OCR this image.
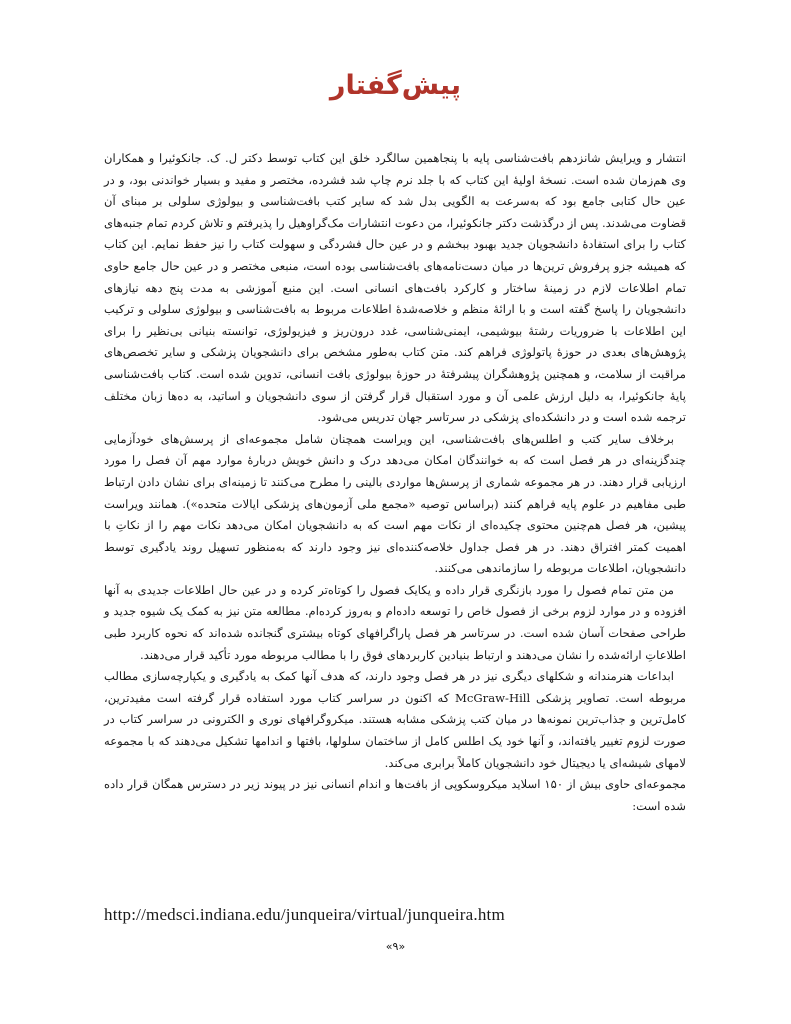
پیش‌گفتار

انتشار و ویرایش شانزدهم بافت‌شناسی پایه با پنجاهمین سالگرد خلق این کتاب توسط دکتر ل. ک. جانکوئیرا و همکاران وی هم‌زمان شده است. نسخهٔ اولیهٔ این کتاب که با جلد نرم چاپ شد فشرده، مختصر و مفید و بسیار خواندنی بود، و در عین حال کتابی جامع بود که به‌سرعت به الگویی بدل شد که سایر کتب بافت‌شناسی و بیولوژی سلولی بر مبنای آن قضاوت می‌شدند. پس از درگذشت دکتر جانکوئیرا، من دعوت انتشارات مک‌گراوهیل را پذیرفتم و تلاش کردم تمام جنبه‌های کتاب را برای استفادهٔ دانشجویان جدید بهبود ببخشم و در عین حال فشردگی و سهولت کتاب را نیز حفظ نمایم. این کتاب که همیشه جزو پرفروش ترین‌ها در میان دست‌نامه‌های بافت‌شناسی بوده است، منبعی مختصر و در عین حال جامع حاوی تمام اطلاعات لازم در زمینهٔ ساختار و کارکرد بافت‌های انسانی است. این منبع آموزشی به مدت پنج دهه نیازهای دانشجویان را پاسخ گفته است و با ارائهٔ منظم و خلاصه‌شدهٔ اطلاعات مربوط به بافت‌شناسی و بیولوژی سلولی و ترکیب این اطلاعات با ضروریات رشتهٔ بیوشیمی، ایمنی‌شناسی، غدد درون‌ریز و فیزیولوژی، توانسته بنیانی بی‌نظیر را برای پژوهش‌های بعدی در حوزهٔ پاتولوژی فراهم کند. متن کتاب به‌طور مشخص برای دانشجویان پزشکی و سایر تخصص‌های مراقبت از سلامت، و همچنین پژوهشگران پیشرفتهٔ در حوزهٔ بیولوژی بافت انسانی، تدوین شده است. کتاب بافت‌شناسی پایهٔ جانکوئیرا، به دلیل ارزش علمی آن و مورد استقبال قرار گرفتن از سوی دانشجویان و اساتید، به ده‌ها زبان مختلف ترجمه شده است و در دانشکده‌ای پزشکی در سرتاسر جهان تدریس می‌شود.

برخلاف سایر کتب و اطلس‌های بافت‌شناسی، این ویراست همچنان شامل مجموعه‌ای از پرسش‌های خودآزمایی چندگزینه‌ای در هر فصل است که به خوانندگان امکان می‌دهد درک و دانش خویش دربارهٔ موارد مهم آن فصل را مورد ارزیابی قرار دهند. در هر مجموعه شماری از پرسش‌ها مواردی بالینی را مطرح می‌کنند تا زمینه‌ای برای نشان دادن ارتباط طبی مفاهیم در علوم پایه فراهم کنند (براساس توصیه «مجمع ملی آزمون‌های پزشکی ایالات متحده»). همانند ویراست پیشین، هر فصل هم‌چنین محتوی چکیده‌ای از نکات مهم است که به دانشجویان امکان می‌دهد نکات مهم را از نکاتِ با اهمیت کمتر افتراق دهند. در هر فصل جداول خلاصه‌کننده‌ای نیز وجود دارند که به‌منظور تسهیل روند یادگیری توسط دانشجویان، اطلاعات مربوطه را سازماندهی می‌کنند.

من متن تمام فصول را مورد بازنگری قرار داده و یکایک فصول را کوتاه‌تر کرده و در عین حال اطلاعات جدیدی به آنها افزوده و در موارد لزوم برخی از فصول خاص را توسعه داده‌ام و به‌روز کرده‌ام. مطالعه متن نیز به کمک یک شیوه جدید و طراحی صفحات آسان شده است. در سرتاسر هر فصل پاراگرافهای کوتاه بیشتری گنجانده شده‌اند که نحوه کاربرد طبی اطلاعاتِ ارائه‌شده را نشان می‌دهند و ارتباط بنیادین کاربردهای فوق را با مطالب مربوطه مورد تأکید قرار می‌دهند.

ابداعات هنرمندانه و شکلهای دیگری نیز در هر فصل وجود دارند، که هدف آنها کمک به یادگیری و یکپارچه‌سازی مطالب مربوطه است. تصاویر پزشکی McGraw-Hill که اکنون در سراسر کتاب مورد استفاده قرار گرفته است مفیدترین، کامل‌ترین و جذاب‌ترین نمونه‌ها در میان کتب پزشکی مشابه هستند. میکروگرافهای نوری و الکترونی در سراسر کتاب در صورت لزوم تغییر یافته‌اند، و آنها خود یک اطلس کامل از ساختمان سلولها، بافتها و اندامها تشکیل می‌دهند که با مجموعه لامهای شیشه‌ای یا دیجیتال خود دانشجویان کاملاً برابری می‌کند.

مجموعه‌ای حاوی بیش از ۱۵۰ اسلاید میکروسکوپی از بافت‌ها و اندام انسانی نیز در پیوند زیر در دسترس همگان قرار داده شده است:

http://medsci.indiana.edu/junqueira/virtual/junqueira.htm
«۹»
